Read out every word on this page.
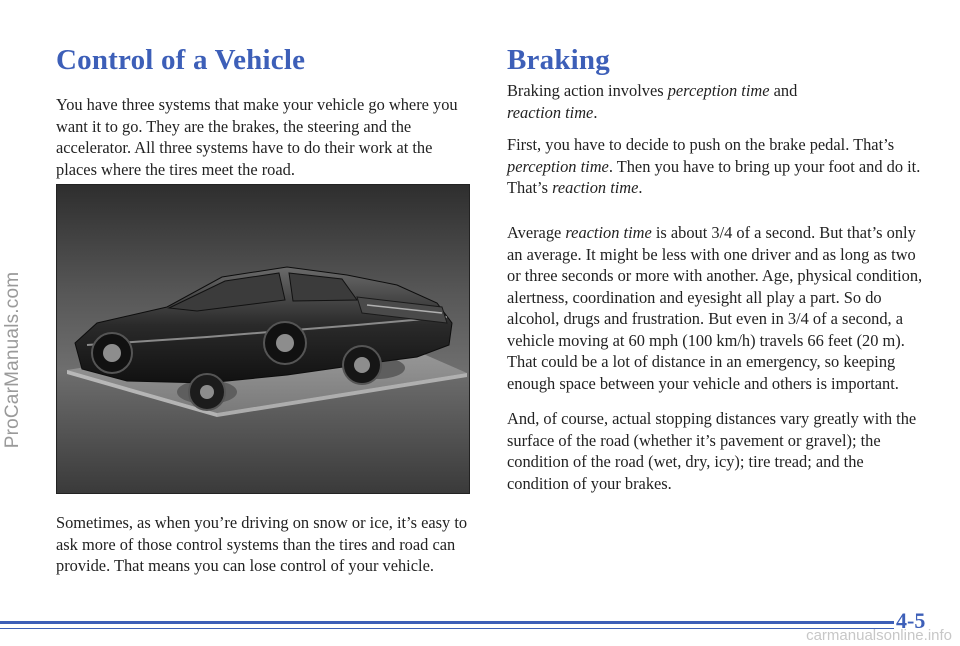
ProCarManuals.com
Control of a Vehicle

You have three systems that make your vehicle go where you want it to go. They are the brakes, the steering and the accelerator. All three systems have to do their work at the places where the tires meet the road.

Sometimes, as when you’re driving on snow or ice, it’s easy to ask more of those control systems than the tires and road can provide. That means you can lose control of your vehicle.

Braking

Braking action involves perception time and
reaction time.

First, you have to decide to push on the brake pedal. That’s perception time. Then you have to bring up your foot and do it. That’s reaction time.

Average reaction time is about 3/4 of a second. But that’s only an average. It might be less with one driver and as long as two or three seconds or more with another. Age, physical condition, alertness, coordination and eyesight all play a part. So do alcohol, drugs and frustration. But even in 3/4 of a second, a vehicle moving at 60 mph (100 km/h) travels 66 feet (20 m). That could be a lot of distance in an emergency, so keeping enough space between your vehicle and others is important.

And, of course, actual stopping distances vary greatly with the surface of the road (whether it’s pavement or gravel); the condition of the road (wet, dry, icy); tire tread; and the condition of your brakes.

4-5
carmanualsonline.info
